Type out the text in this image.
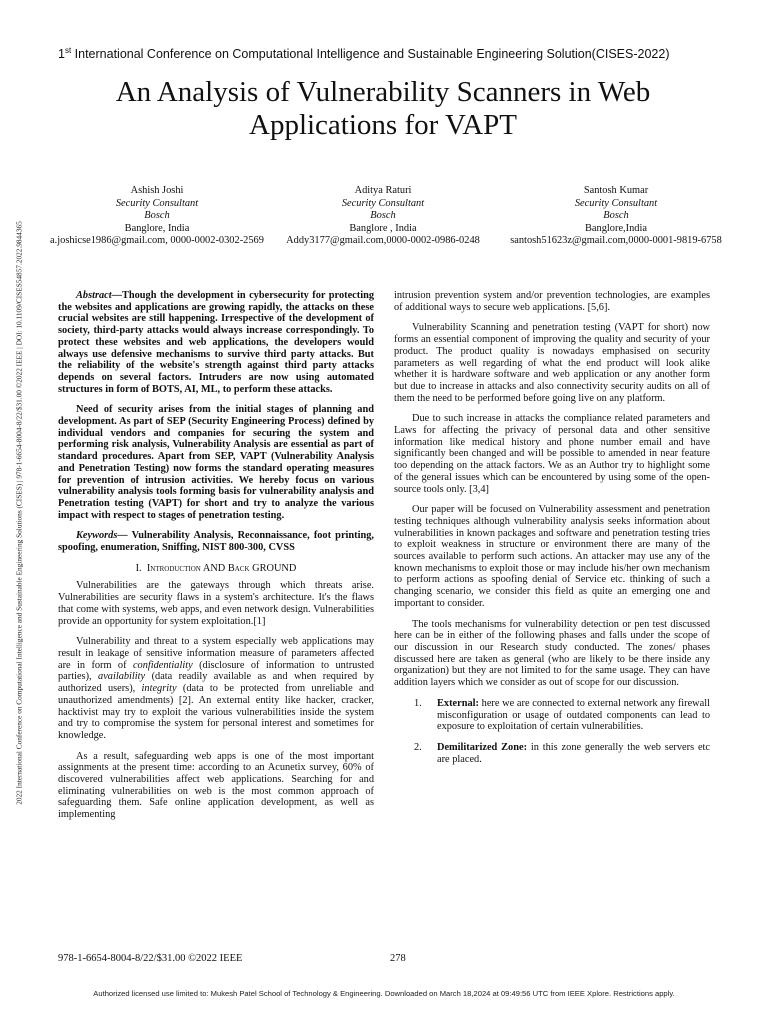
2022 International Conference on Computational Intelligence and Sustainable Engineering Solutions (CISES) | 978-1-6654-8004-8/22/$31.00 ©2022 IEEE | DOI: 10.1109/CISES54857.2022.9844365
1st International Conference on Computational Intelligence and Sustainable Engineering Solution(CISES-2022)
An Analysis of Vulnerability Scanners in Web Applications for VAPT
Ashish Joshi
Security Consultant
Bosch
Banglore, India
a.joshicse1986@gmail.com, 0000-0002-0302-2569
Aditya Raturi
Security Consultant
Bosch
Banglore , India
Addy3177@gmail.com,0000-0002-0986-0248
Santosh Kumar
Security Consultant
Bosch
Banglore,India
santosh51623z@gmail.com,0000-0001-9819-6758

Abstract—Though the development in cybersecurity for protecting the websites and applications are growing rapidly, the attacks on these crucial websites are still happening. Irrespective of the development of society, third-party attacks would always increase correspondingly. To protect these websites and web applications, the developers would always use defensive mechanisms to survive third party attacks. But the reliability of the website's strength against third party attacks depends on several factors. Intruders are now using automated structures in form of BOTS, AI, ML, to perform these attacks.

Need of security arises from the initial stages of planning and development. As part of SEP (Security Engineering Process) defined by individual vendors and companies for securing the system and performing risk analysis, Vulnerability Analysis are essential as part of standard procedures. Apart from SEP, VAPT (Vulnerability Analysis and Penetration Testing) now forms the standard operating measures for prevention of intrusion activities. We hereby focus on various vulnerability analysis tools forming basis for vulnerability analysis and Penetration testing (VAPT) for short and try to analyze the various impact with respect to stages of penetration testing.

Keywords— Vulnerability Analysis, Reconnaissance, foot printing, spoofing, enumeration, Sniffing, NIST 800-300, CVSS

I. Introduction AND Back GROUND

Vulnerabilities are the gateways through which threats arise. Vulnerabilities are security flaws in a system's architecture. It's the flaws that come with systems, web apps, and even network design. Vulnerabilities provide an opportunity for system exploitation.[1]

Vulnerability and threat to a system especially web applications may result in leakage of sensitive information measure of parameters affected are in form of confidentiality (disclosure of information to untrusted parties), availability (data readily available as and when required by authorized users), integrity (data to be protected from unreliable and unauthorized amendments) [2]. An external entity like hacker, cracker, hacktivist may try to exploit the various vulnerabilities inside the system and try to compromise the system for personal interest and sometimes for knowledge.

As a result, safeguarding web apps is one of the most important assignments at the present time: according to an Acunetix survey, 60% of discovered vulnerabilities affect web applications. Searching for and eliminating vulnerabilities on web is the most common approach of safeguarding them. Safe online application development, as well as implementing

intrusion prevention system and/or prevention technologies, are examples of additional ways to secure web applications. [5,6].

Vulnerability Scanning and penetration testing (VAPT for short) now forms an essential component of improving the quality and security of your product. The product quality is nowadays emphasised on security parameters as well regarding of what the end product will look alike whether it is hardware software and web application or any another form but due to increase in attacks and also connectivity security audits on all of them the need to be performed before going live on any platform.

Due to such increase in attacks the compliance related parameters and Laws for affecting the privacy of personal data and other sensitive information like medical history and phone number email and have significantly been changed and will be possible to amended in near feature too depending on the attack factors. We as an Author try to highlight some of the general issues which can be encountered by using some of the open-source tools only. [3,4]

Our paper will be focused on Vulnerability assessment and penetration testing techniques although vulnerability analysis seeks information about vulnerabilities in known packages and software and penetration testing tries to exploit weakness in structure or environment there are many of the sources available to perform such actions. An attacker may use any of the known mechanisms to exploit those or may include his/her own mechanism to perform actions as spoofing denial of Service etc. thinking of such a changing scenario, we consider this field as quite an emerging one and important to consider.

The tools mechanisms for vulnerability detection or pen test discussed here can be in either of the following phases and falls under the scope of our discussion in our Research study conducted. The zones/ phases discussed here are taken as general (who are likely to be there inside any organization) but they are not limited to for the same usage. They can have addition layers which we consider as out of scope for our discussion.

1. External: here we are connected to external network any firewall misconfiguration or usage of outdated components can lead to exposure to exploitation of certain vulnerabilities.
2. Demilitarized Zone: in this zone generally the web servers etc are placed.
978-1-6654-8004-8/22/$31.00 ©2022 IEEE	278
Authorized licensed use limited to: Mukesh Patel School of Technology & Engineering. Downloaded on March 18,2024 at 09:49:56 UTC from IEEE Xplore. Restrictions apply.
